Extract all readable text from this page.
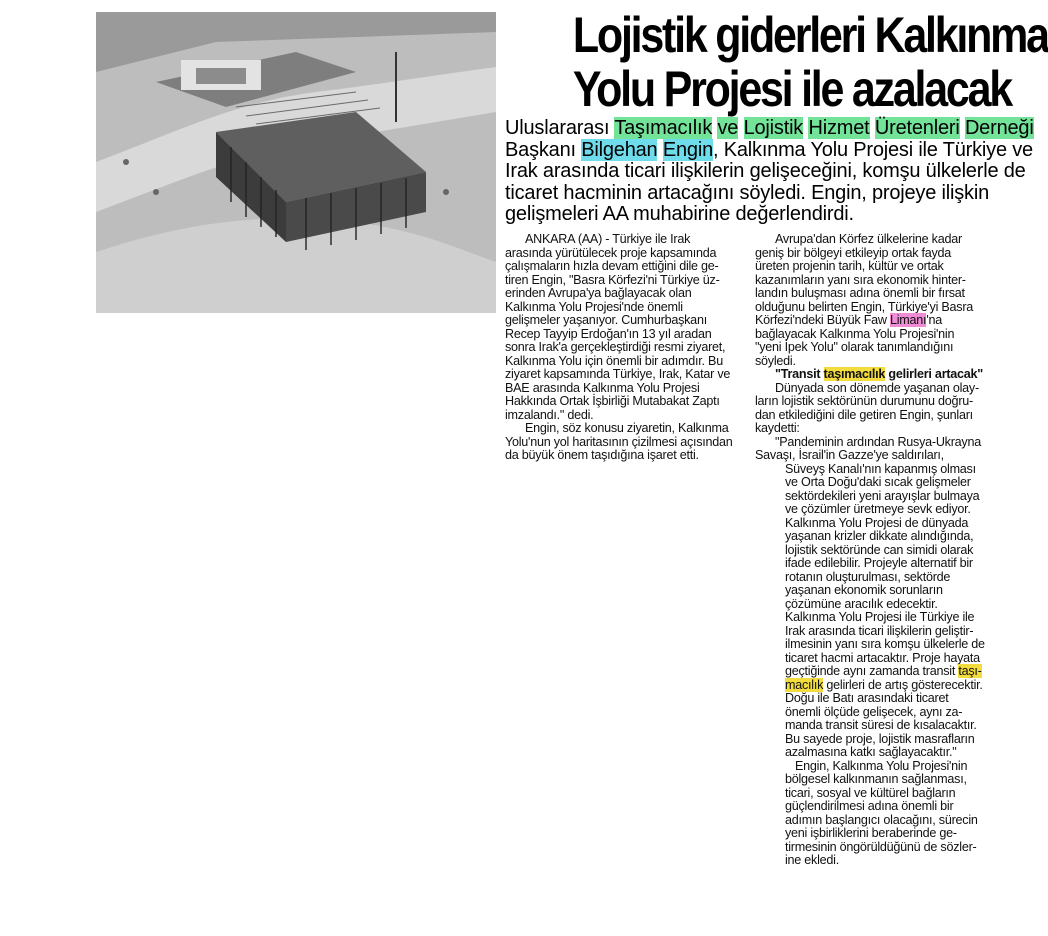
Lojistik giderleri Kalkınma
Yolu Projesi ile azalacak

Uluslararası Taşımacılık ve Lojistik Hizmet Üretenleri Derneği
Başkanı Bilgehan Engin, Kalkınma Yolu Projesi ile Türkiye ve
Irak arasında ticari ilişkilerin gelişeceğini, komşu ülkelerle de
ticaret hacminin artacağını söyledi. Engin, projeye ilişkin
gelişmeleri AA muhabirine değerlendirdi.

ANKARA (AA) - Türkiye ile Irak
arasında yürütülecek proje kapsamında
çalışmaların hızla devam ettiğini dile ge-
tiren Engin, "Basra Körfezi'ni Türkiye üz-
erinden Avrupa'ya bağlayacak olan
Kalkınma Yolu Projesi'nde önemli
gelişmeler yaşanıyor. Cumhurbaşkanı
Recep Tayyip Erdoğan'ın 13 yıl aradan
sonra Irak'a gerçekleştirdiği resmi ziyaret,
Kalkınma Yolu için önemli bir adımdır. Bu
ziyaret kapsamında Türkiye, Irak, Katar ve
BAE arasında Kalkınma Yolu Projesi
Hakkında Ortak İşbirliği Mutabakat Zaptı
imzalandı." dedi.
Engin, söz konusu ziyaretin, Kalkınma
Yolu'nun yol haritasının çizilmesi açısından
da büyük önem taşıdığına işaret etti.
Avrupa'dan Körfez ülkelerine kadar
geniş bir bölgeyi etkileyip ortak fayda
üreten projenin tarih, kültür ve ortak
kazanımların yanı sıra ekonomik hinter-
landın buluşması adına önemli bir fırsat
olduğunu belirten Engin, Türkiye'yi Basra
Körfezi'ndeki Büyük Faw Limanı'na
bağlayacak Kalkınma Yolu Projesi'nin
"yeni İpek Yolu" olarak tanımlandığını
söyledi.
"Transit taşımacılık gelirleri artacak"
Dünyada son dönemde yaşanan olay-
ların lojistik sektörünün durumunu doğru-
dan etkilediğini dile getiren Engin, şunları
kaydetti:
"Pandeminin ardından Rusya-Ukrayna
Savaşı, İsrail'in Gazze'ye saldırıları,
Süveyş Kanalı'nın kapanmış olması
ve Orta Doğu'daki sıcak gelişmeler
sektördekileri yeni arayışlar bulmaya
ve çözümler üretmeye sevk ediyor.
Kalkınma Yolu Projesi de dünyada
yaşanan krizler dikkate alındığında,
lojistik sektöründe can simidi olarak
ifade edilebilir. Projeyle alternatif bir
rotanın oluşturulması, sektörde
yaşanan ekonomik sorunların
çözümüne aracılık edecektir.
Kalkınma Yolu Projesi ile Türkiye ile
Irak arasında ticari ilişkilerin geliştir-
ilmesinin yanı sıra komşu ülkelerle de
ticaret hacmi artacaktır. Proje hayata
geçtiğinde aynı zamanda transit taşı-
macılık gelirleri de artış gösterecektir.
Doğu ile Batı arasındaki ticaret
önemli ölçüde gelişecek, aynı za-
manda transit süresi de kısalacaktır.
Bu sayede proje, lojistik masrafların
azalmasına katkı sağlayacaktır."
Engin, Kalkınma Yolu Projesi'nin
bölgesel kalkınmanın sağlanması,
ticari, sosyal ve kültürel bağların
güçlendirilmesi adına önemli bir
adımın başlangıcı olacağını, sürecin
yeni işbirliklerini beraberinde ge-
tirmesinin öngörüldüğünü de sözler-
ine ekledi.
